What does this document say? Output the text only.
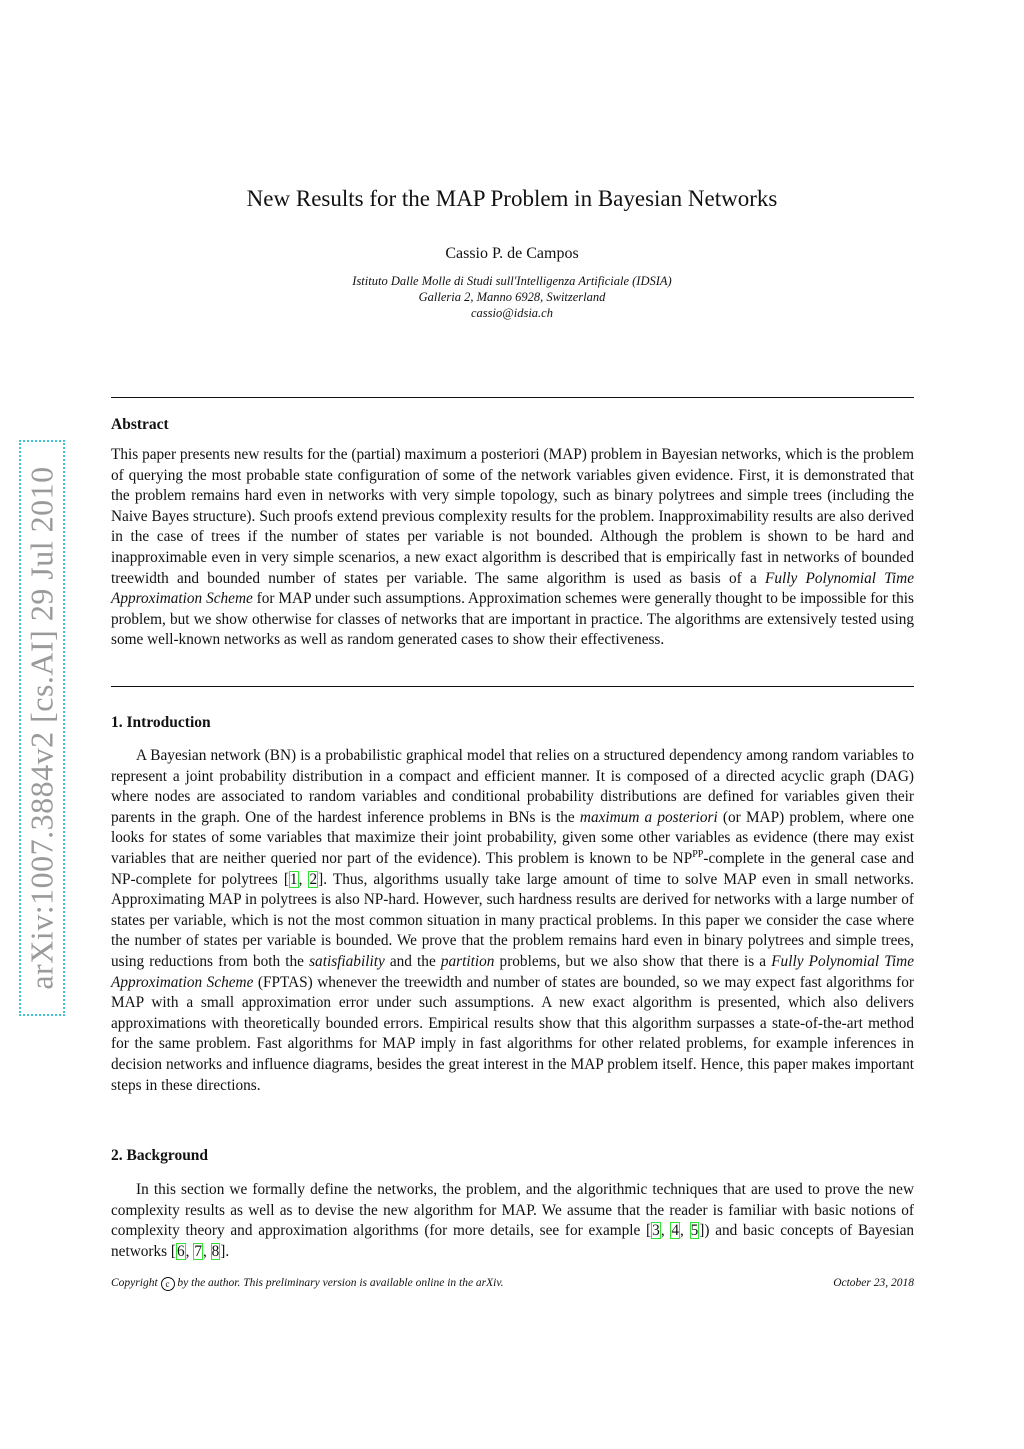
arXiv:1007.3884v2 [cs.AI] 29 Jul 2010
New Results for the MAP Problem in Bayesian Networks
Cassio P. de Campos
Istituto Dalle Molle di Studi sull'Intelligenza Artificiale (IDSIA)
Galleria 2, Manno 6928, Switzerland
cassio@idsia.ch
Abstract
This paper presents new results for the (partial) maximum a posteriori (MAP) problem in Bayesian networks, which is the problem of querying the most probable state configuration of some of the network variables given evidence. First, it is demonstrated that the problem remains hard even in networks with very simple topology, such as binary polytrees and simple trees (including the Naive Bayes structure). Such proofs extend previous complexity results for the problem. Inapproximability results are also derived in the case of trees if the number of states per variable is not bounded. Although the problem is shown to be hard and inapproximable even in very simple scenarios, a new exact algorithm is described that is empirically fast in networks of bounded treewidth and bounded number of states per variable. The same algorithm is used as basis of a Fully Polynomial Time Approximation Scheme for MAP under such assumptions. Approximation schemes were generally thought to be impossible for this problem, but we show otherwise for classes of networks that are important in practice. The algorithms are extensively tested using some well-known networks as well as random generated cases to show their effectiveness.
1. Introduction
A Bayesian network (BN) is a probabilistic graphical model that relies on a structured dependency among random variables to represent a joint probability distribution in a compact and efficient manner. It is composed of a directed acyclic graph (DAG) where nodes are associated to random variables and conditional probability distributions are defined for variables given their parents in the graph. One of the hardest inference problems in BNs is the maximum a posteriori (or MAP) problem, where one looks for states of some variables that maximize their joint probability, given some other variables as evidence (there may exist variables that are neither queried nor part of the evidence). This problem is known to be $NP^{PP}$-complete in the general case and NP-complete for polytrees [1, 2]. Thus, algorithms usually take large amount of time to solve MAP even in small networks. Approximating MAP in polytrees is also NP-hard. However, such hardness results are derived for networks with a large number of states per variable, which is not the most common situation in many practical problems. In this paper we consider the case where the number of states per variable is bounded. We prove that the problem remains hard even in binary polytrees and simple trees, using reductions from both the satisfiability and the partition problems, but we also show that there is a Fully Polynomial Time Approximation Scheme (FPTAS) whenever the treewidth and number of states are bounded, so we may expect fast algorithms for MAP with a small approximation error under such assumptions. A new exact algorithm is presented, which also delivers approximations with theoretically bounded errors. Empirical results show that this algorithm surpasses a state-of-the-art method for the same problem. Fast algorithms for MAP imply in fast algorithms for other related problems, for example inferences in decision networks and influence diagrams, besides the great interest in the MAP problem itself. Hence, this paper makes important steps in these directions.
2. Background
In this section we formally define the networks, the problem, and the algorithmic techniques that are used to prove the new complexity results as well as to devise the new algorithm for MAP. We assume that the reader is familiar with basic notions of complexity theory and approximation algorithms (for more details, see for example [3, 4, 5]) and basic concepts of Bayesian networks [6, 7, 8].
Copyright c by the author. This preliminary version is available online in the arXiv.	October 23, 2018
